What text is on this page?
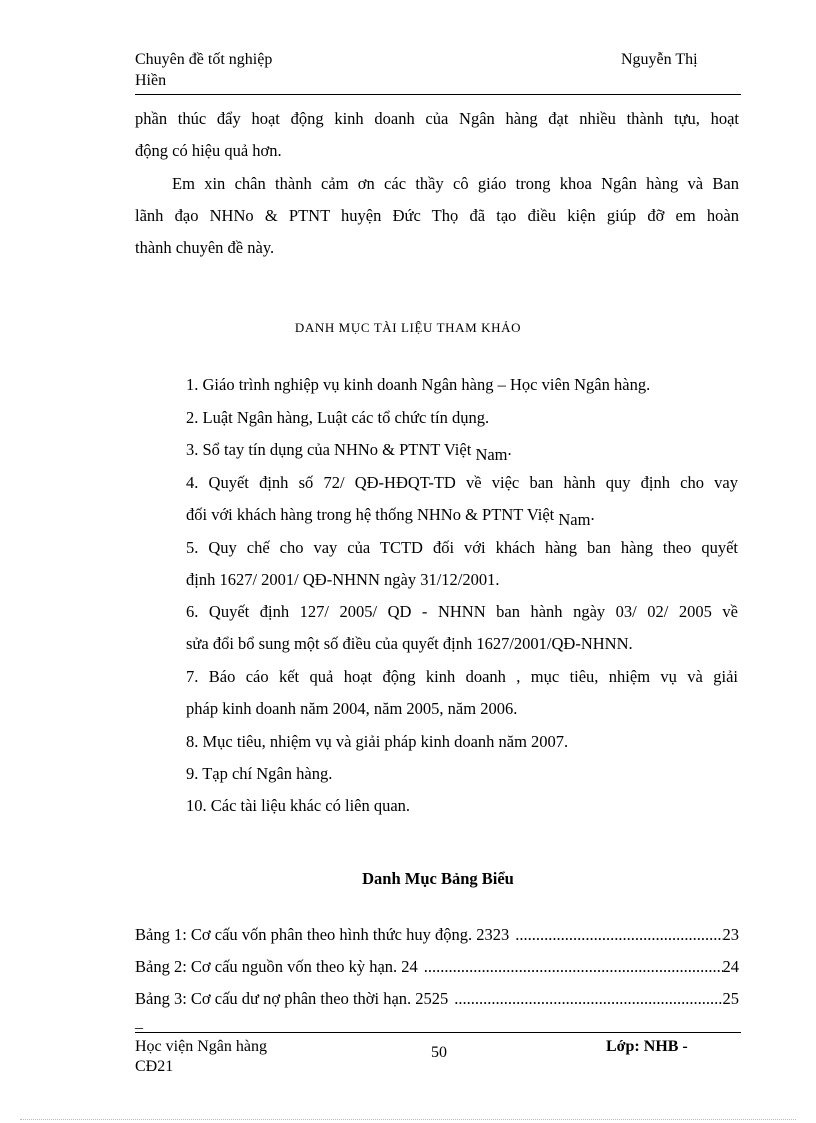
Chuyên đề tốt nghiệp
Hiền
Nguyễn Thị
phần thúc đẩy hoạt động kinh doanh của Ngân hàng đạt nhiều thành tựu, hoạt
động có hiệu quả hơn.
Em xin chân thành cảm ơn các thầy cô giáo trong khoa Ngân hàng và Ban
lãnh đạo NHNo & PTNT huyện Đức Thọ đã tạo điều kiện giúp đỡ em hoàn
thành chuyên đề này.
DANH MỤC TÀI LIỆU THAM KHẢO
1. Giáo trình nghiệp vụ kinh doanh Ngân hàng – Học viên Ngân hàng.
2. Luật Ngân hàng, Luật các tổ chức tín dụng.
3. Sổ tay tín dụng của NHNo & PTNT Việt Nam.
4. Quyết định số 72/ QĐ-HĐQT-TD về việc ban hành quy định cho vay
đối với khách hàng trong hệ thống NHNo & PTNT Việt Nam.
5. Quy chế cho vay của TCTD đối với khách hàng ban hàng theo quyết
định 1627/ 2001/ QĐ-NHNN ngày 31/12/2001.
6. Quyết định 127/ 2005/ QD - NHNN ban hành ngày 03/ 02/ 2005 về
sửa đổi bổ sung một số điều của quyết định 1627/2001/QĐ-NHNN.
7. Báo cáo kết quả hoạt động kinh doanh , mục tiêu, nhiệm vụ và giải
pháp kinh doanh năm 2004, năm 2005, năm 2006.
8. Mục tiêu, nhiệm vụ và giải pháp kinh doanh năm 2007.
9. Tạp chí Ngân hàng.
10. Các tài liệu khác có liên quan.
Danh Mục Bảng Biểu
Bảng 1: Cơ cấu vốn phân theo hình thức huy động. 2323 .....	23
Bảng 2: Cơ cấu nguồn vốn theo kỳ hạn. 24 .....	24
Bảng 3: Cơ cấu dư nợ phân theo thời hạn. 2525 .....	25
_
Học viện Ngân hàng
CĐ21
50	Lớp: NHB -
